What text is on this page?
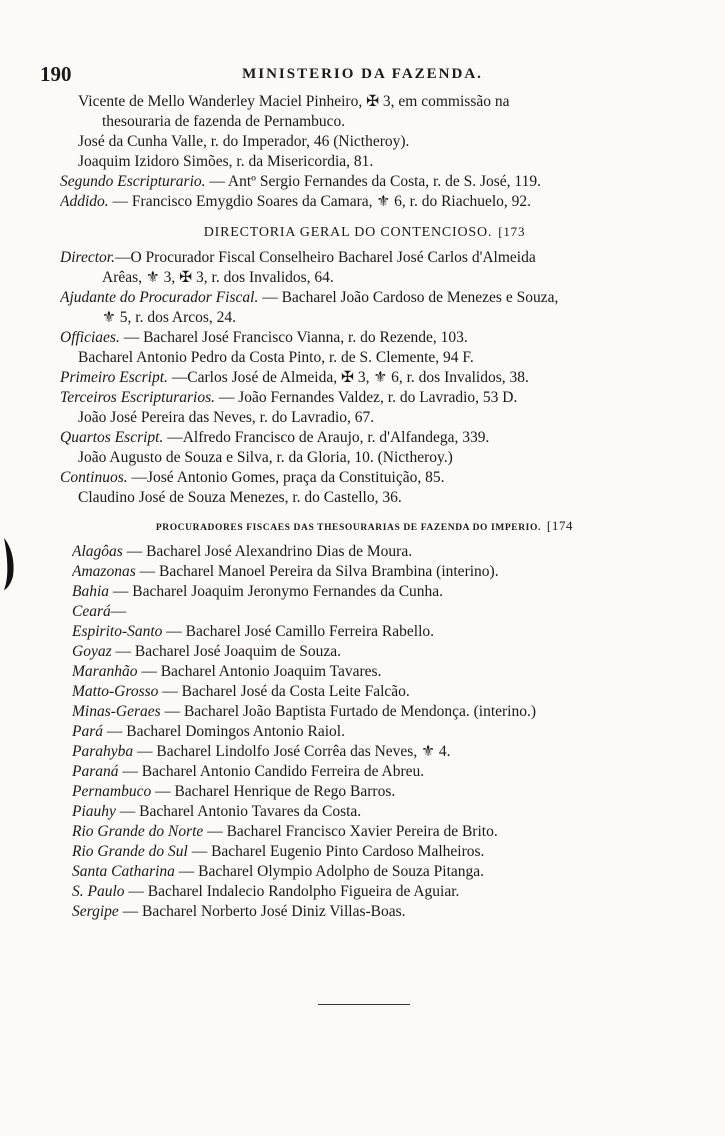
190	MINISTERIO DA FAZENDA.
Vicente de Mello Wanderley Maciel Pinheiro, ✠ 3, em commissão na
thesouraria de fazenda de Pernambuco.
José da Cunha Valle, r. do Imperador, 46 (Nictheroy).
Joaquim Izidoro Simões, r. da Misericordia, 81.
Segundo Escripturario. — Antº Sergio Fernandes da Costa, r. de S. José, 119.
Addido. — Francisco Emygdio Soares da Camara, ⚜ 6, r. do Riachuelo, 92.
DIRECTORIA GERAL DO CONTENCIOSO. [173
Director.—O Procurador Fiscal Conselheiro Bacharel José Carlos d'Almeida
Arêas, ⚜ 3, ✠ 3, r. dos Invalidos, 64.
Ajudante do Procurador Fiscal. — Bacharel João Cardoso de Menezes e Souza,
⚜ 5, r. dos Arcos, 24.
Officiaes. — Bacharel José Francisco Vianna, r. do Rezende, 103.
Bacharel Antonio Pedro da Costa Pinto, r. de S. Clemente, 94 F.
Primeiro Escript. —Carlos José de Almeida, ✠ 3, ⚜ 6, r. dos Invalidos, 38.
Terceiros Escripturarios. — João Fernandes Valdez, r. do Lavradio, 53 D.
João José Pereira das Neves, r. do Lavradio, 67.
Quartos Escript. —Alfredo Francisco de Araujo, r. d'Alfandega, 339.
João Augusto de Souza e Silva, r. da Gloria, 10. (Nictheroy.)
Continuos. —José Antonio Gomes, praça da Constituição, 85.
Claudino José de Souza Menezes, r. do Castello, 36.
PROCURADORES FISCAES DAS THESOURARIAS DE FAZENDA DO IMPERIO. [174
Alagôas — Bacharel José Alexandrino Dias de Moura.
Amazonas — Bacharel Manoel Pereira da Silva Brambina (interino).
Bahia — Bacharel Joaquim Jeronymo Fernandes da Cunha.
Ceará—
Espirito-Santo — Bacharel José Camillo Ferreira Rabello.
Goyaz — Bacharel José Joaquim de Souza.
Maranhão — Bacharel Antonio Joaquim Tavares.
Matto-Grosso — Bacharel José da Costa Leite Falcão.
Minas-Geraes — Bacharel João Baptista Furtado de Mendonça. (interino.)
Pará — Bacharel Domingos Antonio Raiol.
Parahyba — Bacharel Lindolfo José Corrêa das Neves, ⚜ 4.
Paraná — Bacharel Antonio Candido Ferreira de Abreu.
Pernambuco — Bacharel Henrique de Rego Barros.
Piauhy — Bacharel Antonio Tavares da Costa.
Rio Grande do Norte — Bacharel Francisco Xavier Pereira de Brito.
Rio Grande do Sul — Bacharel Eugenio Pinto Cardoso Malheiros.
Santa Catharina — Bacharel Olympio Adolpho de Souza Pitanga.
S. Paulo — Bacharel Indalecio Randolpho Figueira de Aguiar.
Sergipe — Bacharel Norberto José Diniz Villas-Boas.
